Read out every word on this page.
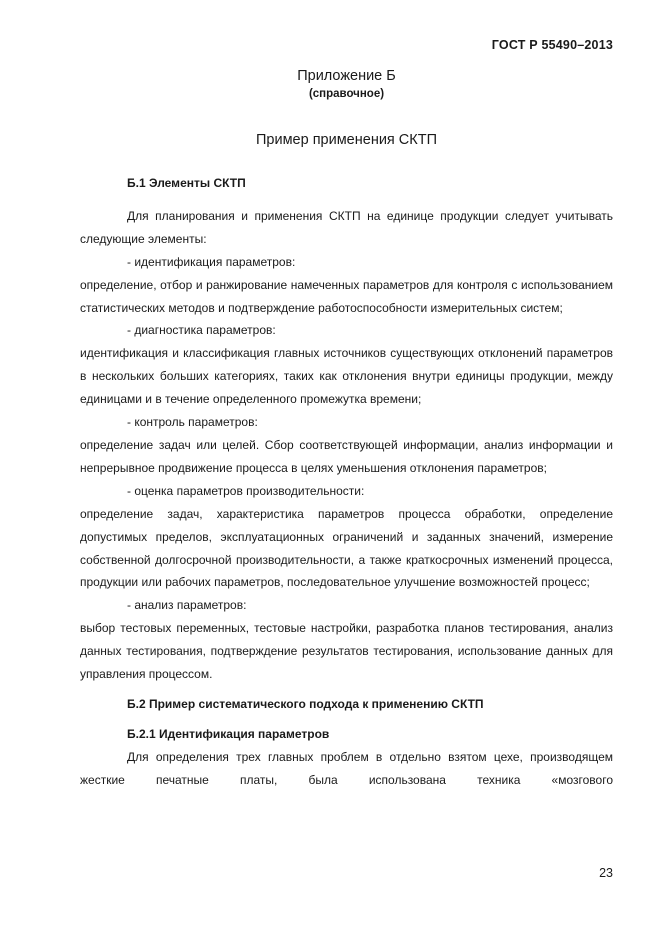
ГОСТ Р 55490–2013
Приложение Б
(справочное)
Пример применения СКТП

Б.1 Элементы СКТП

Для планирования и применения СКТП на единице продукции следует учитывать следующие элементы:

- идентификация параметров:

определение, отбор и ранжирование намеченных параметров для контроля с использованием статистических методов и подтверждение работоспособности измерительных систем;

- диагностика параметров:

идентификация и классификация главных источников существующих отклонений параметров в нескольких больших категориях, таких как отклонения внутри единицы продукции, между единицами и в течение определенного промежутка времени;

- контроль параметров:

определение задач или целей. Сбор соответствующей информации, анализ информации и непрерывное продвижение процесса в целях уменьшения отклонения параметров;

- оценка параметров производительности:

определение задач, характеристика параметров процесса обработки, определение допустимых пределов, эксплуатационных ограничений и заданных значений, измерение собственной долгосрочной производительности, а также краткосрочных изменений процесса, продукции или рабочих параметров, последовательное улучшение возможностей процесс;

- анализ параметров:

выбор тестовых переменных, тестовые настройки, разработка планов тестирования, анализ данных тестирования, подтверждение результатов тестирования, использование данных для управления процессом.

Б.2 Пример систематического подхода к применению СКТП

Б.2.1 Идентификация параметров

Для определения трех главных проблем в отдельно взятом цехе, производящем жесткие печатные платы, была использована техника «мозгового

23
